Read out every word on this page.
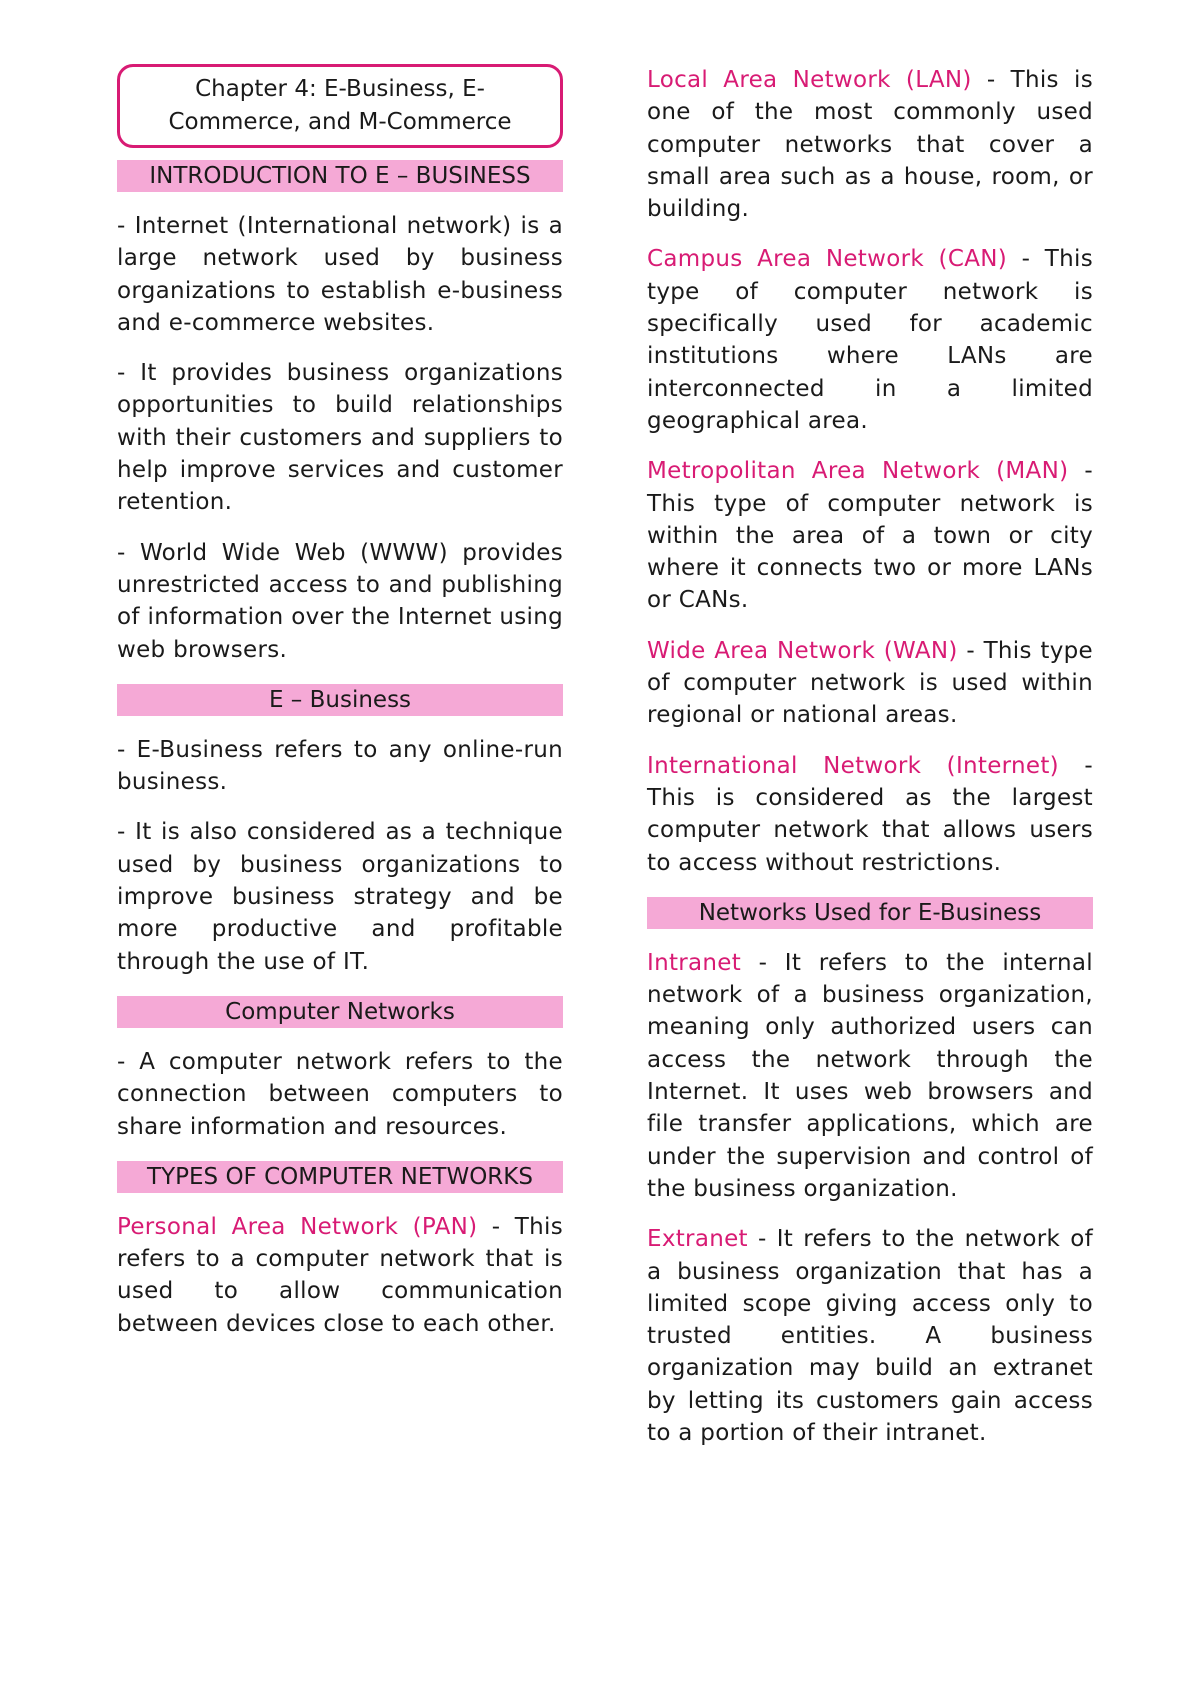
Chapter 4: E-Business, E-
Commerce, and M-Commerce
INTRODUCTION TO E – BUSINESS

- Internet (International network) is a large network used by business organizations to establish e-business and e-commerce websites.

- It provides business organizations opportunities to build relationships with their customers and suppliers to help improve services and customer retention.

- World Wide Web (WWW) provides unrestricted access to and publishing of information over the Internet using web browsers.

E – Business

- E-Business refers to any online-run business.

- It is also considered as a technique used by business organizations to improve business strategy and be more productive and profitable through the use of IT.

Computer Networks

- A computer network refers to the connection between computers to share information and resources.

TYPES OF COMPUTER NETWORKS

Personal Area Network (PAN) - This refers to a computer network that is used to allow communication between devices close to each other.

Local Area Network (LAN) - This is one of the most commonly used computer networks that cover a small area such as a house, room, or building.

Campus Area Network (CAN) - This type of computer network is specifically used for academic institutions where LANs are interconnected in a limited geographical area.

Metropolitan Area Network (MAN) -This type of computer network is within the area of a town or city where it connects two or more LANs or CANs.

Wide Area Network (WAN) - This type of computer network is used within regional or national areas.

International Network (Internet) - This is considered as the largest computer network that allows users to access without restrictions.

Networks Used for E-Business

Intranet - It refers to the internal network of a business organization, meaning only authorized users can access the network through the Internet. It uses web browsers and file transfer applications, which are under the supervision and control of the business organization.

Extranet - It refers to the network of a business organization that has a limited scope giving access only to trusted entities. A business organization may build an extranet by letting its customers gain access to a portion of their intranet.
